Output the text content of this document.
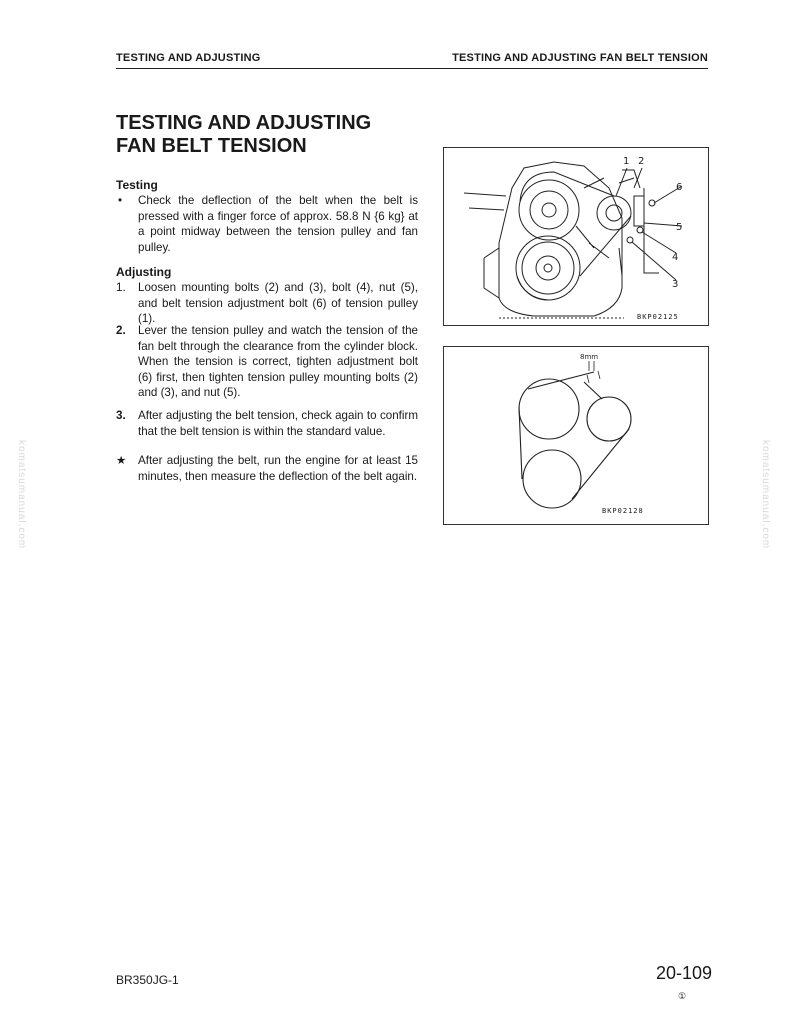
TESTING AND ADJUSTING	TESTING AND ADJUSTING FAN BELT TENSION
TESTING AND ADJUSTING
FAN BELT TENSION
Testing
•	Check the deflection of the belt when the belt is pressed with a finger force of approx. 58.8 N {6 kg} at a point midway between the tension pulley and fan pulley.
Adjusting
1.	Loosen mounting bolts (2) and (3), bolt (4), nut (5), and belt tension adjustment bolt (6) of tension pulley (1).
2.	Lever the tension pulley and watch the tension of the fan belt through the clearance from the cylinder block. When the tension is correct, tighten adjustment bolt (6) first, then tighten tension pulley mounting bolts (2) and (3), and nut (5).
3.	After adjusting the belt tension, check again to confirm that the belt tension is within the standard value.
★ After adjusting the belt, run the engine for at least 15 minutes, then measure the deflection of the belt again.
1 2
3
4
5
6
BKP02125
8mm
BKP02128
komatsumanual.com	komatsumanual.com
BR350JG-1	20-109
①
